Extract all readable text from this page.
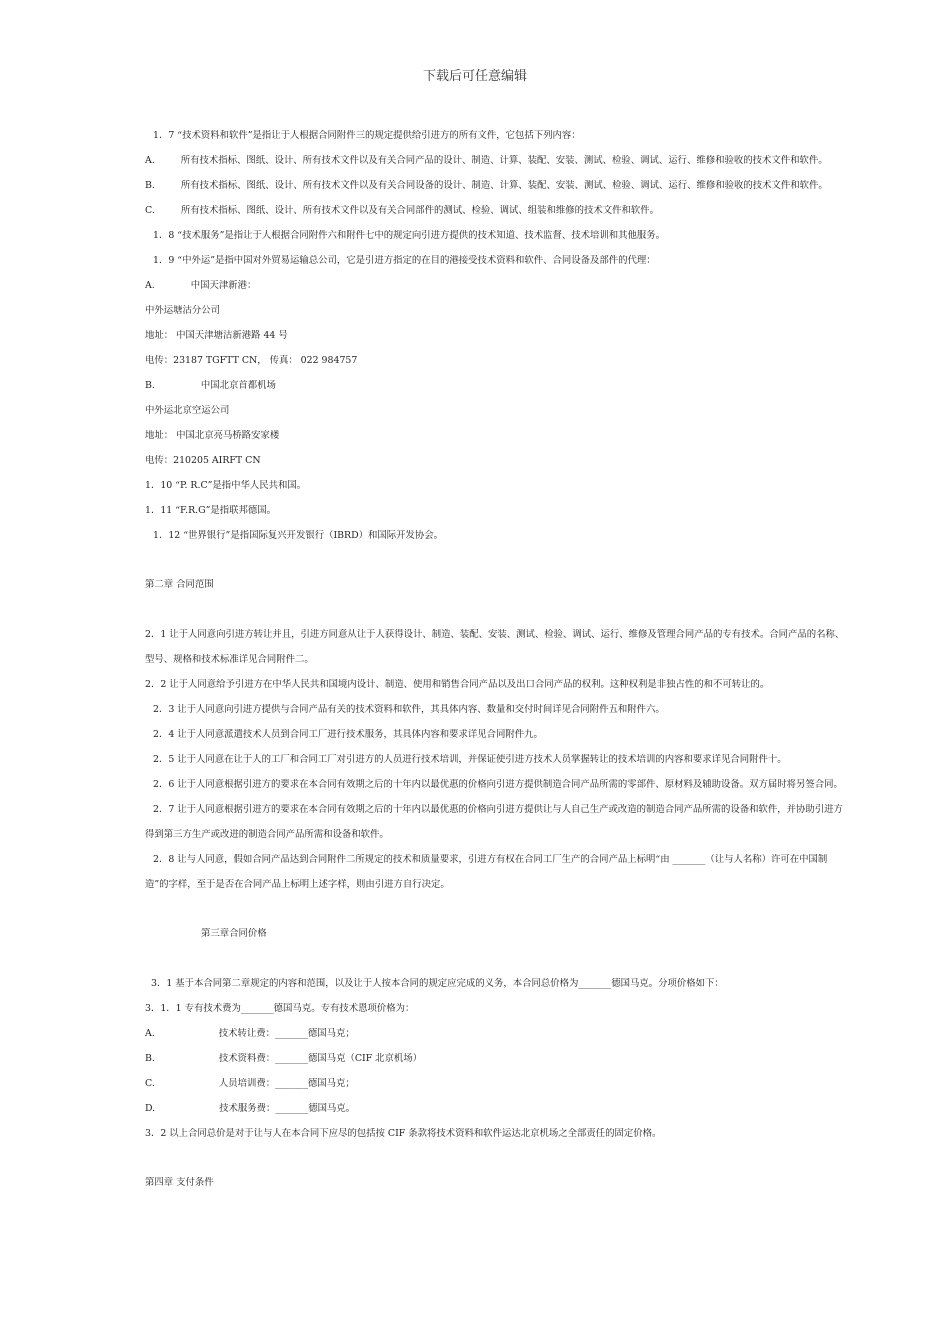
下载后可任意编辑
1．7 “技术资料和软件”是指让于人根据合同附件三的规定提供给引进方的所有文件，它包括下列内容：
A.	所有技术指标、图纸、设计、所有技术文件以及有关合同产品的设计、制造、计算、装配、安装、测试、检验、调试、运行、维修和验收的技术文件和软件。
B.	所有技术指标、图纸、设计、所有技术文件以及有关合同设备的设计、制造、计算、装配、安装、测试、检验、调试、运行、维修和验收的技术文件和软件。
C.	所有技术指标、图纸、设计、所有技术文件以及有关合同部件的测试、检验、调试、组装和维修的技术文件和软件。
1．8 “技术服务”是指让于人根据合同附件六和附件七中的规定向引进方提供的技术知道、技术监督、技术培训和其他服务。
1．9 “中外运”是指中国对外贸易运输总公司，它是引进方指定的在目的港接受技术资料和软件、合同设备及部件的代理：
A.	中国天津新港：
中外运塘沽分公司
地址： 中国天津塘沽新港路 44 号
电传：23187 TGFTT CN， 传真： 022 984757
B.	中国北京首都机场
中外运北京空运公司
地址： 中国北京亮马桥路安家楼
电传：210205 AIRFT CN
1．10 “P. R.C”是指中华人民共和国。
1．11 “F.R.G”是指联邦德国。
1．12 “世界银行”是指国际复兴开发银行（IBRD）和国际开发协会。
第二章 合同范围
2．1 让于人同意向引进方转让并且，引进方同意从让于人获得设计、制造、装配、安装、测试、检验、调试、运行、维修及管理合同产品的专有技术。合同产品的名称、
型号、规格和技术标准详见合同附件二。
2．2 让于人同意给予引进方在中华人民共和国境内设计、制造、使用和销售合同产品以及出口合同产品的权利。这种权利是非独占性的和不可转让的。
2．3 让于人同意向引进方提供与合同产品有关的技术资料和软件，其具体内容、数量和交付时间详见合同附件五和附件六。
2．4 让于人同意派遣技术人员到合同工厂进行技术服务，其具体内容和要求详见合同附件九。
2．5 让于人同意在让于人的工厂和合同工厂对引进方的人员进行技术培训，并保证使引进方技术人员掌握转让的技术培训的内容和要求详见合同附件十。
2．6 让于人同意根据引进方的要求在本合同有效期之后的十年内以最优惠的价格向引进方提供制造合同产品所需的零部件、原材料及辅助设备。双方届时将另签合同。
2．7 让于人同意根据引进方的要求在本合同有效期之后的十年内以最优惠的价格向引进方提供让与人自己生产或改造的制造合同产品所需的设备和软件，并协助引进方
得到第三方生产或改进的制造合同产品所需和设备和软件。
2．8 让与人同意，假如合同产品达到合同附件二所规定的技术和质量要求，引进方有权在合同工厂生产的合同产品上标明“由 _______（让与人名称）许可在中国制
造”的字样，至于是否在合同产品上标明上述字样，则由引进方自行决定。
第三章合同价格
3．1 基于本合同第二章规定的内容和范围，以及让于人按本合同的规定应完成的义务，本合同总价格为_______德国马克。分项价格如下：
3．1．1 专有技术费为_______德国马克。专有技术恩项价格为：
A.	技术转让费：_______德国马克；
B.	技术资料费：_______德国马克（CIF 北京机场）
C.	人员培训费：_______德国马克；
D.	技术服务费：_______德国马克。
3．2 以上合同总价是对于让与人在本合同下应尽的包括按 CIF 条款将技术资料和软件运达北京机场之全部责任的固定价格。
第四章 支付条件
